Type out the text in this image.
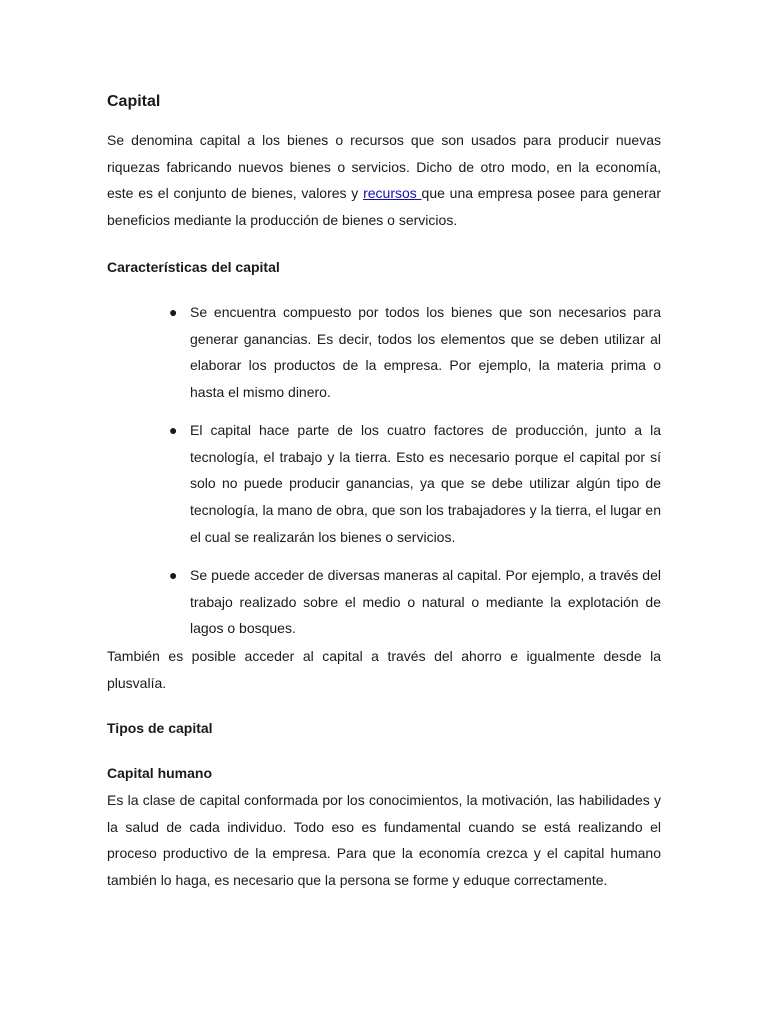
Capital

Se denomina capital a los bienes o recursos que son usados para producir nuevas riquezas fabricando nuevos bienes o servicios. Dicho de otro modo, en la economía, este es el conjunto de bienes, valores y recursos que una empresa posee para generar beneficios mediante la producción de bienes o servicios.

Características del capital
● Se encuentra compuesto por todos los bienes que son necesarios para generar ganancias. Es decir, todos los elementos que se deben utilizar al elaborar los productos de la empresa. Por ejemplo, la materia prima o hasta el mismo dinero.
● El capital hace parte de los cuatro factores de producción, junto a la tecnología, el trabajo y la tierra. Esto es necesario porque el capital por sí solo no puede producir ganancias, ya que se debe utilizar algún tipo de tecnología, la mano de obra, que son los trabajadores y la tierra, el lugar en el cual se realizarán los bienes o servicios.
● Se puede acceder de diversas maneras al capital. Por ejemplo, a través del trabajo realizado sobre el medio o natural o mediante la explotación de lagos o bosques.

También es posible acceder al capital a través del ahorro e igualmente desde la plusvalía.

Tipos de capital
Capital humano

Es la clase de capital conformada por los conocimientos, la motivación, las habilidades y la salud de cada individuo. Todo eso es fundamental cuando se está realizando el proceso productivo de la empresa. Para que la economía crezca y el capital humano también lo haga, es necesario que la persona se forme y eduque correctamente.
